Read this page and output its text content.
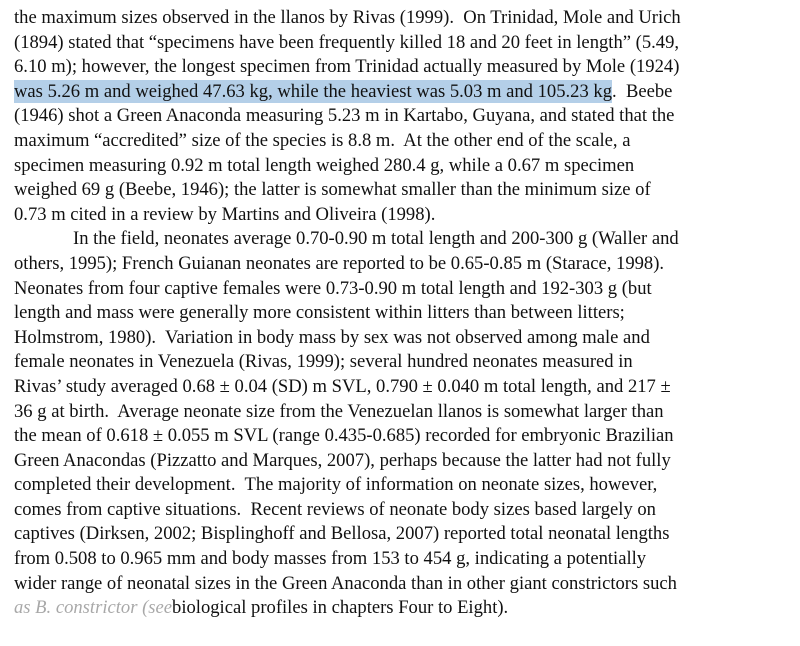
the maximum sizes observed in the llanos by Rivas (1999).  On Trinidad, Mole and Urich
(1894) stated that “specimens have been frequently killed 18 and 20 feet in length” (5.49,
6.10 m); however, the longest specimen from Trinidad actually measured by Mole (1924)
was 5.26 m and weighed 47.63 kg, while the heaviest was 5.03 m and 105.23 kg.  Beebe
(1946) shot a Green Anaconda measuring 5.23 m in Kartabo, Guyana, and stated that the
maximum “accredited” size of the species is 8.8 m.  At the other end of the scale, a
specimen measuring 0.92 m total length weighed 280.4 g, while a 0.67 m specimen
weighed 69 g (Beebe, 1946); the latter is somewhat smaller than the minimum size of
0.73 m cited in a review by Martins and Oliveira (1998).
In the field, neonates average 0.70-0.90 m total length and 200-300 g (Waller and
others, 1995); French Guianan neonates are reported to be 0.65-0.85 m (Starace, 1998).
Neonates from four captive females were 0.73-0.90 m total length and 192-303 g (but
length and mass were generally more consistent within litters than between litters;
Holmstrom, 1980).  Variation in body mass by sex was not observed among male and
female neonates in Venezuela (Rivas, 1999); several hundred neonates measured in
Rivas’ study averaged 0.68 ± 0.04 (SD) m SVL, 0.790 ± 0.040 m total length, and 217 ±
36 g at birth.  Average neonate size from the Venezuelan llanos is somewhat larger than
the mean of 0.618 ± 0.055 m SVL (range 0.435-0.685) recorded for embryonic Brazilian
Green Anacondas (Pizzatto and Marques, 2007), perhaps because the latter had not fully
completed their development.  The majority of information on neonate sizes, however,
comes from captive situations.  Recent reviews of neonate body sizes based largely on
captives (Dirksen, 2002; Bisplinghoff and Bellosa, 2007) reported total neonatal lengths
from 0.508 to 0.965 mm and body masses from 153 to 454 g, indicating a potentially
wider range of neonatal sizes in the Green Anaconda than in other giant constrictors such
as B. constrictor (seebiological profiles in chapters Four to Eight).
